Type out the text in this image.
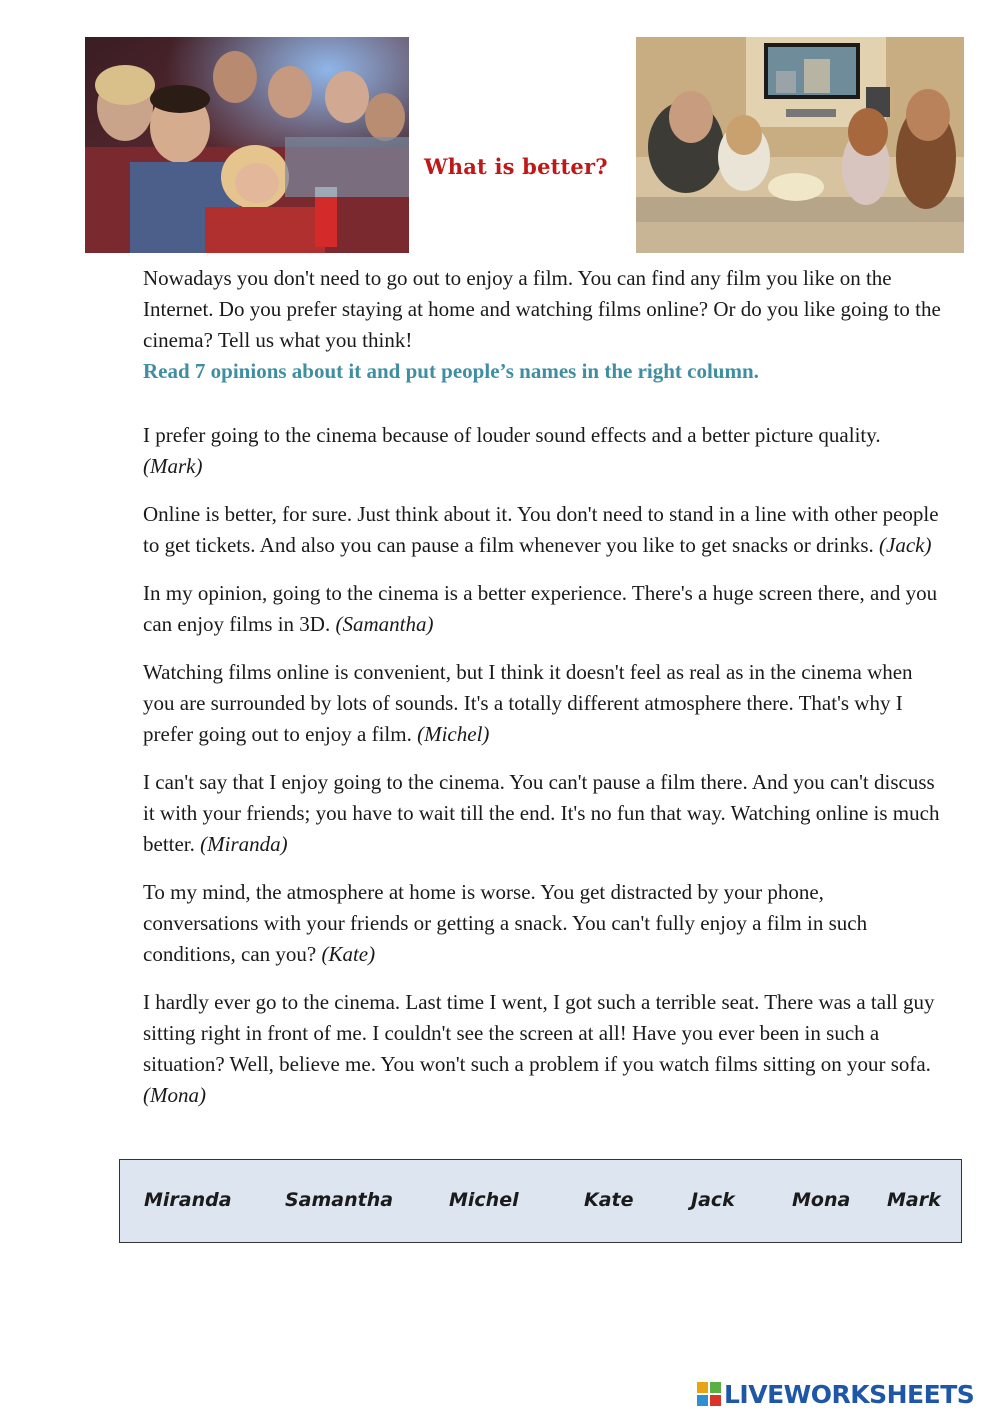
What is better?

Nowadays you don't need to go out to enjoy a film. You can find any film you like on the Internet. Do you prefer staying at home and watching films online? Or do you like going to the cinema? Tell us what you think!

Read 7 opinions about it and put people’s names in the right column.

I prefer going to the cinema because of louder sound effects and a better picture quality. (Mark)

Online is better, for sure. Just think about it. You don't need to stand in a line with other people to get tickets. And also you can pause a film whenever you like to get snacks or drinks. (Jack)

In my opinion, going to the cinema is a better experience. There's a huge screen there, and you can enjoy films in 3D. (Samantha)

Watching films online is convenient, but I think it doesn't feel as real as in the cinema when you are surrounded by lots of sounds. It's a totally different atmosphere there. That's why I prefer going out to enjoy a film. (Michel)

I can't say that I enjoy going to the cinema. You can't pause a film there. And you can't discuss it with your friends; you have to wait till the end. It's no fun that way. Watching online is much better. (Miranda)

To my mind, the atmosphere at home is worse. You get distracted by your phone, conversations with your friends or getting a snack. You can't fully enjoy a film in such conditions, can you? (Kate)

I hardly ever go to the cinema. Last time I went, I got such a terrible seat. There was a tall guy sitting right in front of me. I couldn't see the screen at all! Have you ever been in such a situation? Well, believe me. You won't such a problem if you watch films sitting on your sofa. (Mona)

Miranda	Samantha	Michel	Kate	Jack	Mona Mark
LIVEWORKSHEETS
